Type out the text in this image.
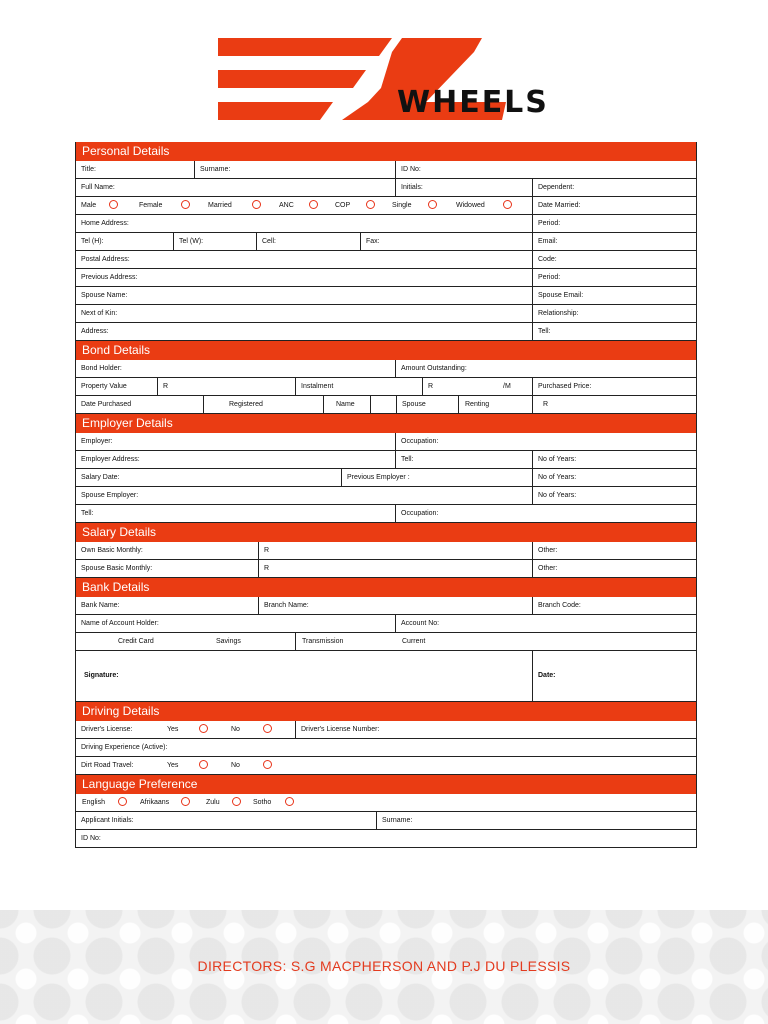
WHEELS
Personal Details
Title:	Surname:	ID No:
Full Name:	Initials:	Dependent:
Male	Female	Married	ANC	COP	Single	Widowed	Date Married:
Home Address:	Period:
Tel (H):	Tel (W):	Cell:	Fax:	Email:
Postal Address:	Code:
Previous Address:	Period:
Spouse Name:	Spouse Email:
Next of Kin:	Relationship:
Address:	Tell:
Bond Details
Bond Holder:	Amount Outstanding:
Property Value	R	Instalment	R	/M	Purchased Price:
Date Purchased	Registered	Name	Spouse	Renting	R
Employer Details
Employer:	Occupation:
Employer Address:	Tell:	No of Years:
Salary Date:	Previous Employer :	No of Years:
Spouse Employer:	No of Years:
Tell:	Occupation:
Salary Details
Own Basic Monthly:	R	Other:
Spouse Basic Monthly:	R	Other:
Bank Details
Bank Name:	Branch Name:	Branch Code:
Name of Account Holder:	Account No:
Credit Card	Savings	Transmission	Current
Signature:	Date:
Driving Details
Driver's License:	Yes	No	Driver's License Number:
Driving Experience (Active):
Dirt Road Travel:	Yes	No
Language Preference
English	Afrikaans	Zulu	Sotho
Applicant Initials:	Surname:
ID No:
DIRECTORS: S.G MACPHERSON AND P.J DU PLESSIS
